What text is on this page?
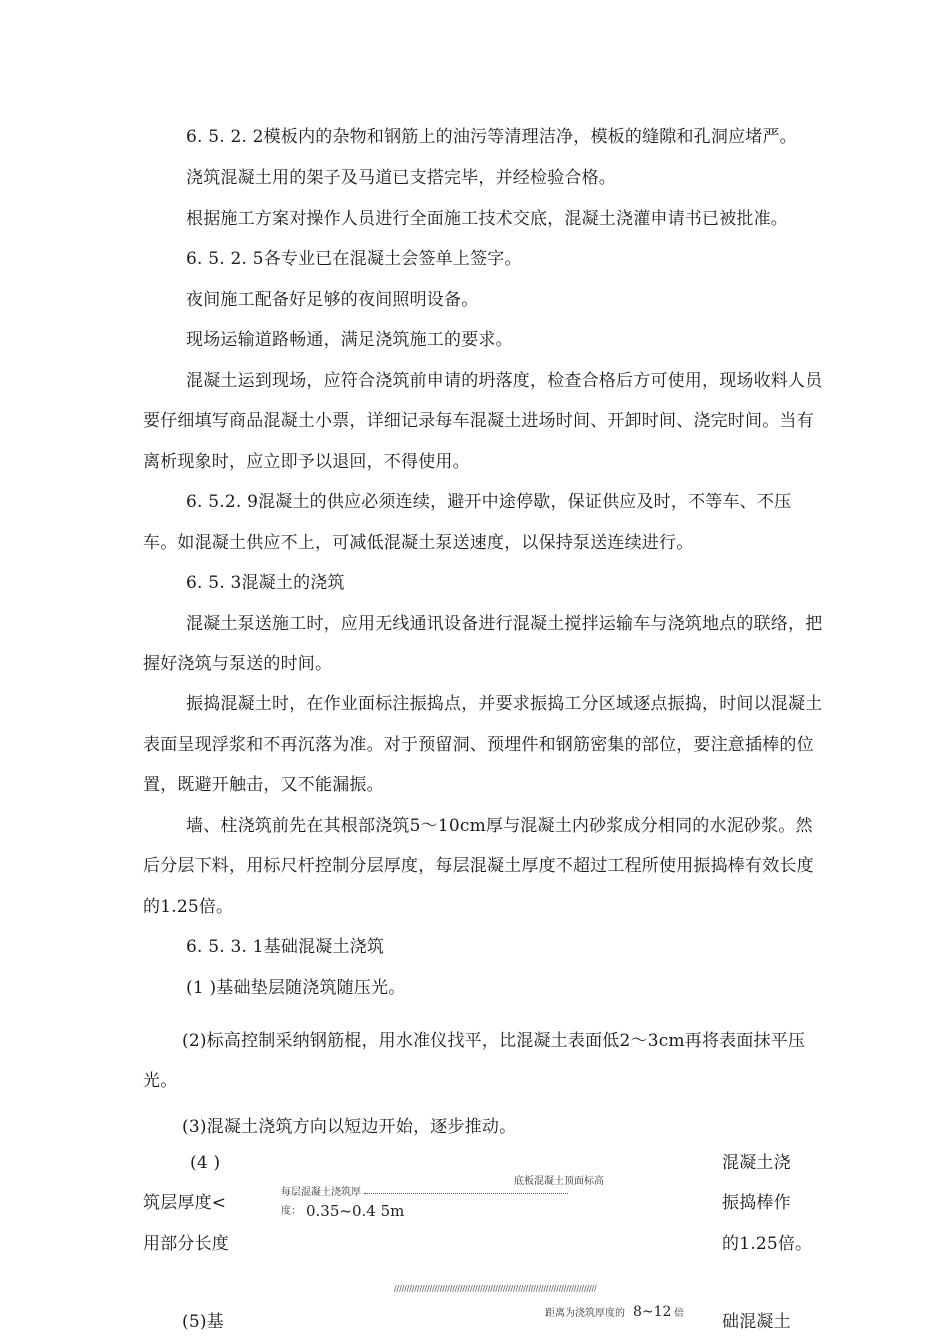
6. 5. 2. 2模板内的杂物和钢筋上的油污等清理洁净，模板的缝隙和孔洞应堵严。
浇筑混凝土用的架子及马道已支搭完毕，并经检验合格。
根据施工方案对操作人员进行全面施工技术交底，混凝土浇灌申请书已被批准。
6. 5. 2. 5各专业已在混凝土会签单上签字。
夜间施工配备好足够的夜间照明设备。
现场运输道路畅通，满足浇筑施工的要求。
混凝土运到现场，应符合浇筑前申请的坍落度，检查合格后方可使用，现场收料人员
要仔细填写商品混凝土小票，详细记录每车混凝土进场时间、开卸时间、浇完时间。当有
离析现象时，应立即予以退回，不得使用。
6. 5.2. 9混凝土的供应必须连续，避开中途停歇，保证供应及时，不等车、不压
车。如混凝土供应不上，可减低混凝土泵送速度，以保持泵送连续进行。
6. 5. 3混凝土的浇筑
混凝土泵送施工时，应用无线通讯设备进行混凝土搅拌运输车与浇筑地点的联络，把
握好浇筑与泵送的时间。
振捣混凝土时，在作业面标注振捣点，并要求振捣工分区域逐点振捣，时间以混凝土
表面呈现浮浆和不再沉落为准。对于预留洞、预埋件和钢筋密集的部位，要注意插棒的位
置，既避开触击，又不能漏振。
墙、柱浇筑前先在其根部浇筑5〜10cm厚与混凝土内砂浆成分相同的水泥砂浆。然
后分层下料，用标尺杆控制分层厚度，每层混凝土厚度不超过工程所使用振捣棒有效长度
的1.25倍。
6. 5. 3. 1基础混凝土浇筑
(1 )基础垫层随浇筑随压光。
(2)标高控制采纳钢筋棍，用水准仪找平，比混凝土表面低2〜3cm再将表面抹平压
光。
(3)混凝土浇筑方向以短边开始，逐步推动。
(4 )
筑层厚度<
用部分长度
混凝土浇
振捣棒作
的1.25倍。
底板混凝土顶面标高
每层混凝土浇筑厚
度： 0.35~0.4 5m
////////////////////////////////////////////////////////////////////////////////
距离为浇筑厚度的 8~12 倍
(5)基	础混凝土
